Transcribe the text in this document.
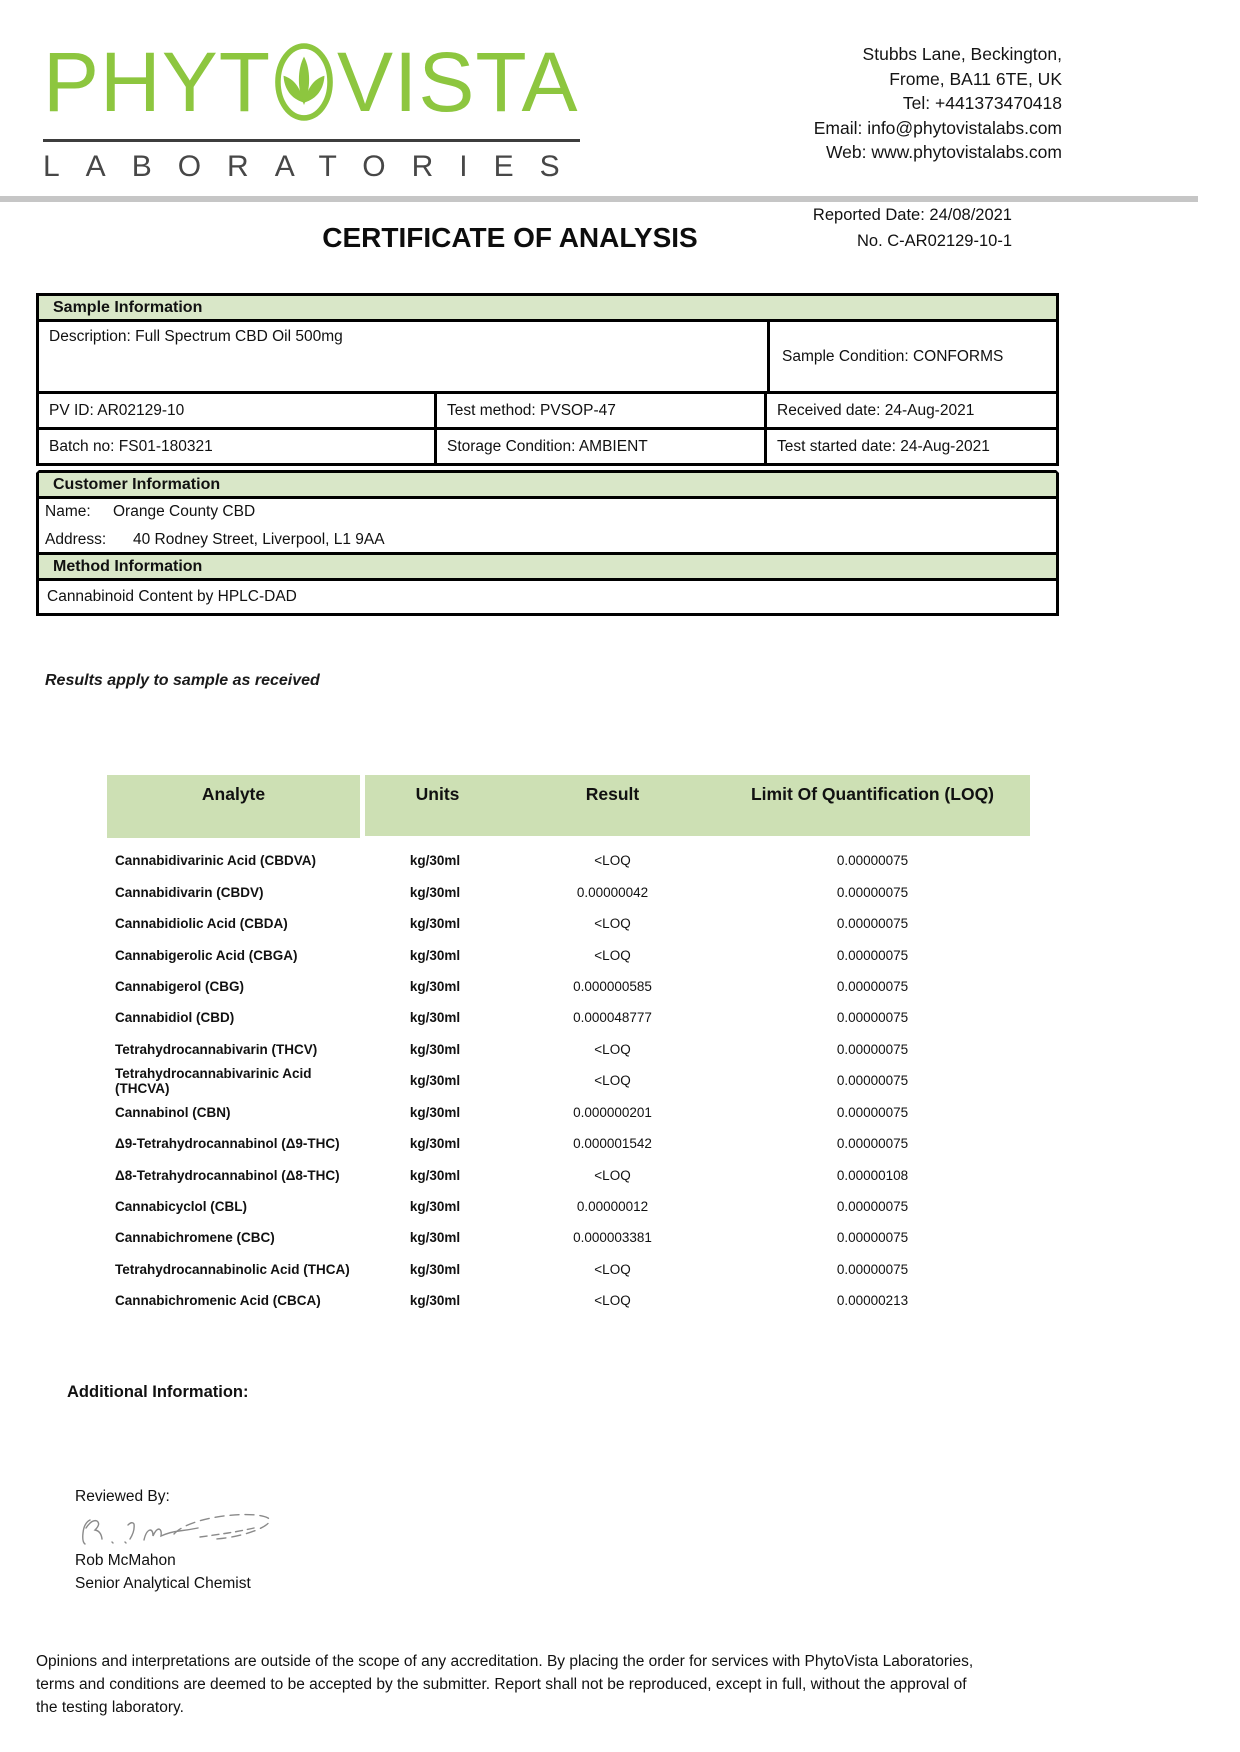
PHYT VISTA
LABORATORIES
Stubbs Lane, Beckington,
Frome, BA11 6TE, UK
Tel: +441373470418
Email: info@phytovistalabs.com
Web: www.phytovistalabs.com
Reported Date: 24/08/2021
No. C-AR02129-10-1
CERTIFICATE OF ANALYSIS
Sample Information
Description: Full Spectrum CBD Oil 500mg
Sample Condition: CONFORMS
PV ID: AR02129-10	Test method: PVSOP-47	Received date: 24-Aug-2021
Batch no: FS01-180321	Storage Condition: AMBIENT	Test started date: 24-Aug-2021
Customer Information
Name: Orange County CBD
Address: 40 Rodney Street, Liverpool, L1 9AA
Method Information
Cannabinoid Content by HPLC-DAD
Results apply to sample as received
Analyte	Units	Result	Limit Of Quantification (LOQ)
Cannabidivarinic Acid (CBDVA)	kg/30ml	<LOQ	0.00000075
Cannabidivarin (CBDV)	kg/30ml	0.00000042	0.00000075
Cannabidiolic Acid (CBDA)	kg/30ml	<LOQ	0.00000075
Cannabigerolic Acid (CBGA)	kg/30ml	<LOQ	0.00000075
Cannabigerol (CBG)	kg/30ml	0.000000585	0.00000075
Cannabidiol (CBD)	kg/30ml	0.000048777	0.00000075
Tetrahydrocannabivarin (THCV)	kg/30ml	<LOQ	0.00000075
Tetrahydrocannabivarinic Acid (THCVA)	kg/30ml	<LOQ	0.00000075
Cannabinol (CBN)	kg/30ml	0.000000201	0.00000075
Δ9-Tetrahydrocannabinol (Δ9-THC)	kg/30ml	0.000001542	0.00000075
Δ8-Tetrahydrocannabinol (Δ8-THC)	kg/30ml	<LOQ	0.00000108
Cannabicyclol (CBL)	kg/30ml	0.00000012	0.00000075
Cannabichromene (CBC)	kg/30ml	0.000003381	0.00000075
Tetrahydrocannabinolic Acid (THCA)	kg/30ml	<LOQ	0.00000075
Cannabichromenic Acid (CBCA)	kg/30ml	<LOQ	0.00000213
Additional Information:
Reviewed By:
Rob McMahon
Senior Analytical Chemist
Opinions and interpretations are outside of the scope of any accreditation. By placing the order for services with PhytoVista Laboratories,
terms and conditions are deemed to be accepted by the submitter. Report shall not be reproduced, except in full, without the approval of
the testing laboratory.
